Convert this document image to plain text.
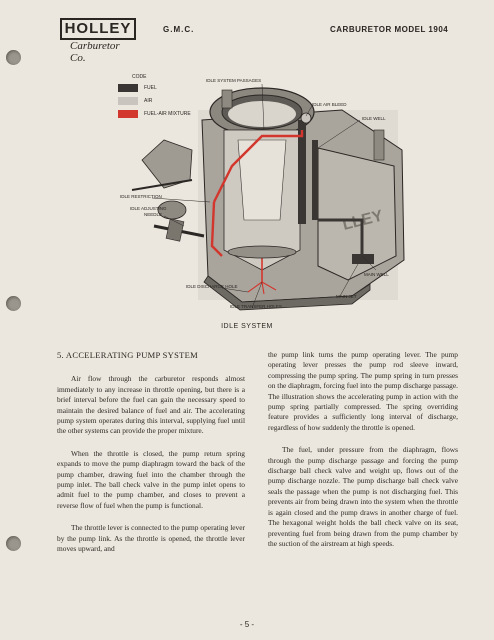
HOLLEY
Carburetor Co.
G.M.C.	CARBURETOR MODEL 1904
LLEY
CODE
FUEL
AIR
FUEL-AIR MIXTURE
IDLE SYSTEM PASSAGES
IDLE AIR BLEED
IDLE WELL
IDLE RESTRICTION
IDLE ADJUSTING
NEEDLE
IDLE DISCHARGE HOLE
IDLE TRANSFER HOLES
MAIN WELL
MAIN JET
IDLE SYSTEM
5. ACCELERATING PUMP SYSTEM

Air flow through the carburetor responds almost immediately to any increase in throttle opening, but there is a brief interval before the fuel can gain the necessary speed to maintain the desired balance of fuel and air. The accelerating pump system operates during this interval, supplying fuel until the other systems can provide the proper mixture.

When the throttle is closed, the pump return spring expands to move the pump diaphragm toward the back of the pump chamber, drawing fuel into the chamber through the pump inlet. The ball check valve in the pump inlet opens to admit fuel to the pump chamber, and closes to prevent a reverse flow of fuel when the pump is functional.

The throttle lever is connected to the pump operating lever by the pump link. As the throttle is opened, the throttle lever moves upward, and

the pump link turns the pump operating lever. The pump operating lever presses the pump rod sleeve inward, compressing the pump spring. The pump spring in turn presses on the diaphragm, forcing fuel into the pump discharge passage. The illustration shows the accelerating pump in action with the pump spring partially compressed. The spring overriding feature provides a sufficiently long interval of discharge, regardless of how suddenly the throttle is opened.

The fuel, under pressure from the diaphragm, flows through the pump discharge passage and forcing the pump discharge ball check valve and weight up, flows out of the pump discharge nozzle. The pump discharge ball check valve seals the passage when the pump is not discharging fuel. This prevents air from being drawn into the system when the throttle is again closed and the pump draws in another charge of fuel. The hexagonal weight holds the ball check valve on its seat, preventing fuel from being drawn from the pump chamber by the suction of the airstream at high speeds.

- 5 -
